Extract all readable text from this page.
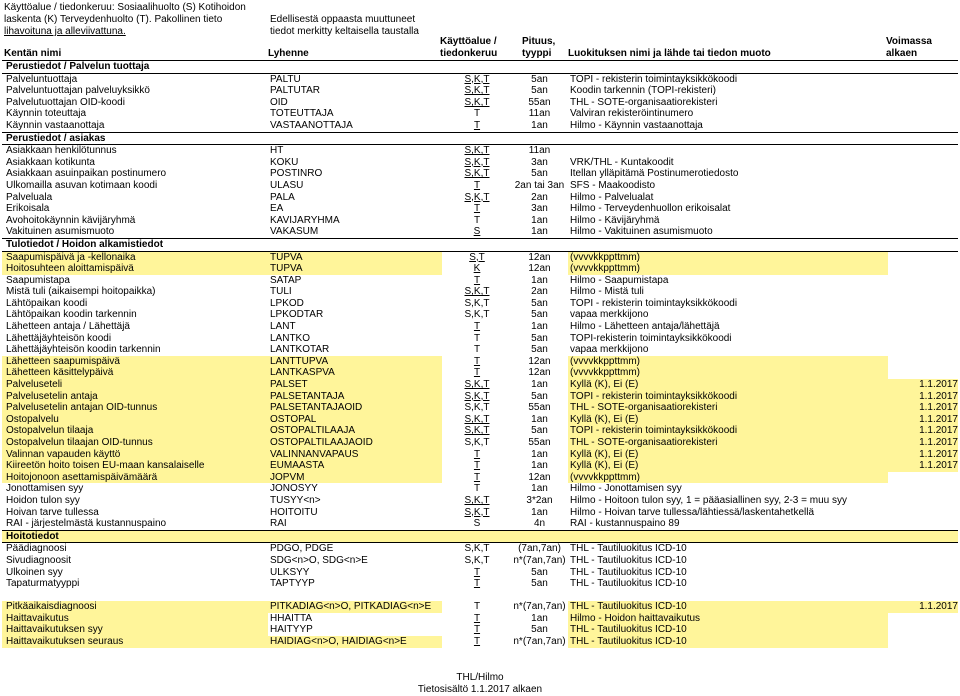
Käyttöalue / tiedonkeruu: Sosiaalihuolto (S) Kotihoidon
laskenta (K) Terveydenhuolto (T). Pakollinen tieto
lihavoituna ja alleviivattuna.
Edellisestä oppaasta muuttuneet
tiedot merkitty keltaisella taustalla
Kentän nimi	Lyhenne
Käyttöalue /
tiedonkeruu
Pituus,
tyyppi	Luokituksen nimi ja lähde tai tiedon muoto
Voimassa
alkaen
Perustiedot / Palvelun tuottaja
Palveluntuottaja	PALTU	S,K,T	5an	TOPI - rekisterin toimintayksikkökoodi
Palveluntuottajan palveluyksikkö	PALTUTAR	S,K,T	5an	Koodin tarkennin (TOPI-rekisteri)
Palvelutuottajan OID-koodi	OID	S,K,T	55an	THL - SOTE-organisaatiorekisteri
Käynnin toteuttaja	TOTEUTTAJA	T	11an	Valviran rekisteröintinumero
Käynnin vastaanottaja	VASTAANOTTAJA	T	1an	Hilmo - Käynnin vastaanottaja
Perustiedot / asiakas
Asiakkaan henkilötunnus	HT	S,K,T	11an
Asiakkaan kotikunta	KOKU	S,K,T	3an	VRK/THL - Kuntakoodit
Asiakkaan asuinpaikan postinumero	POSTINRO	S,K,T	5an	Itellan ylläpitämä Postinumerotiedosto
Ulkomailla asuvan kotimaan koodi	ULASU	T	2an tai 3an SFS - Maakoodisto
Palveluala	PALA	S,K,T	2an	Hilmo - Palvelualat
Erikoisala	EA	T	3an	Hilmo - Terveydenhuollon erikoisalat
Avohoitokäynnin kävijäryhmä	KAVIJARYHMA	T	1an	Hilmo - Kävijäryhmä
Vakituinen asumismuoto	VAKASUM	S	1an	Hilmo - Vakituinen asumismuoto
Tulotiedot / Hoidon alkamistiedot
Saapumispäivä ja -kellonaika	TUPVA	S,T	12an	(vvvvkkppttmm)
Hoitosuhteen aloittamispäivä	TUPVA	K	12an	(vvvvkkppttmm)
Saapumistapa	SATAP	T	1an	Hilmo - Saapumistapa
Mistä tuli (aikaisempi hoitopaikka)	TULI	S,K,T	2an	Hilmo - Mistä tuli
Lähtöpaikan koodi	LPKOD	S,K,T	5an	TOPI - rekisterin toimintayksikkökoodi
Lähtöpaikan koodin tarkennin	LPKODTAR	S,K,T	5an	vapaa merkkijono
Lähetteen antaja / Lähettäjä	LANT	T	1an	Hilmo - Lähetteen antaja/lähettäjä
Lähettäjäyhteisön koodi	LANTKO	T	5an	TOPI-rekisterin toimintayksikkökoodi
Lähettäjäyhteisön koodin tarkennin	LANTKOTAR	T	5an	vapaa merkkijono
Lähetteen saapumispäivä	LANTTUPVA	T	12an	(vvvvkkppttmm)
Lähetteen käsittelypäivä	LANTKASPVA	T	12an	(vvvvkkppttmm)
Palveluseteli	PALSET	S,K,T	1an	Kyllä (K), Ei (E)	1.1.2017
Palvelusetelin antaja	PALSETANTAJA	S,K,T	5an	TOPI - rekisterin toimintayksikkökoodi	1.1.2017
Palvelusetelin antajan OID-tunnus	PALSETANTAJAOID	S,K,T	55an	THL - SOTE-organisaatiorekisteri	1.1.2017
Ostopalvelu	OSTOPAL	S,K,T	1an	Kyllä (K), Ei (E)	1.1.2017
Ostopalvelun tilaaja	OSTOPALTILAAJA	S,K,T	5an	TOPI - rekisterin toimintayksikkökoodi	1.1.2017
Ostopalvelun tilaajan OID-tunnus	OSTOPALTILAAJAOID	S,K,T	55an	THL - SOTE-organisaatiorekisteri	1.1.2017
Valinnan vapauden käyttö	VALINNANVAPAUS	T	1an	Kyllä (K), Ei (E)	1.1.2017
Kiireetön hoito toisen EU-maan kansalaiselle	EUMAASTA	T	1an	Kyllä (K), Ei (E)	1.1.2017
Hoitojonoon asettamispäivämäärä	JOPVM	T	12an	(vvvvkkppttmm)
Jonottamisen syy	JONOSYY	T	1an	Hilmo - Jonottamisen syy
Hoidon tulon syy	TUSYY<n>	S,K,T	3*2an	Hilmo - Hoitoon tulon syy, 1 = pääasiallinen syy, 2-3 = muu syy
Hoivan tarve tullessa	HOITOITU	S,K,T	1an	Hilmo - Hoivan tarve tullessa/lähtiessä/laskentahetkellä
RAI - järjestelmästä kustannuspaino	RAI	S	4n	RAI - kustannuspaino 89
Hoitotiedot
Päädiagnoosi	PDGO, PDGE	S,K,T	(7an,7an) THL - Tautiluokitus ICD-10
Sivudiagnoosit	SDG<n>O, SDG<n>E	S,K,T	n*(7an,7an) THL - Tautiluokitus ICD-10
Ulkoinen syy	ULKSYY	T	5an	THL - Tautiluokitus ICD-10
Tapaturmatyyppi	TAPTYYP	T	5an	THL - Tautiluokitus ICD-10
Pitkäaikaisdiagnoosi	PITKADIAG<n>O, PITKADIAG<n>E	T	n*(7an,7an) THL - Tautiluokitus ICD-10	1.1.2017
Haittavaikutus	HHAITTA	T	1an	Hilmo - Hoidon haittavaikutus
Haittavaikutuksen syy	HAITYYP	T	5an	THL - Tautiluokitus ICD-10
Haittavaikutuksen seuraus	HAIDIAG<n>O, HAIDIAG<n>E	T	n*(7an,7an) THL - Tautiluokitus ICD-10
THL/Hilmo
Tietosisältö 1.1.2017 alkaen
